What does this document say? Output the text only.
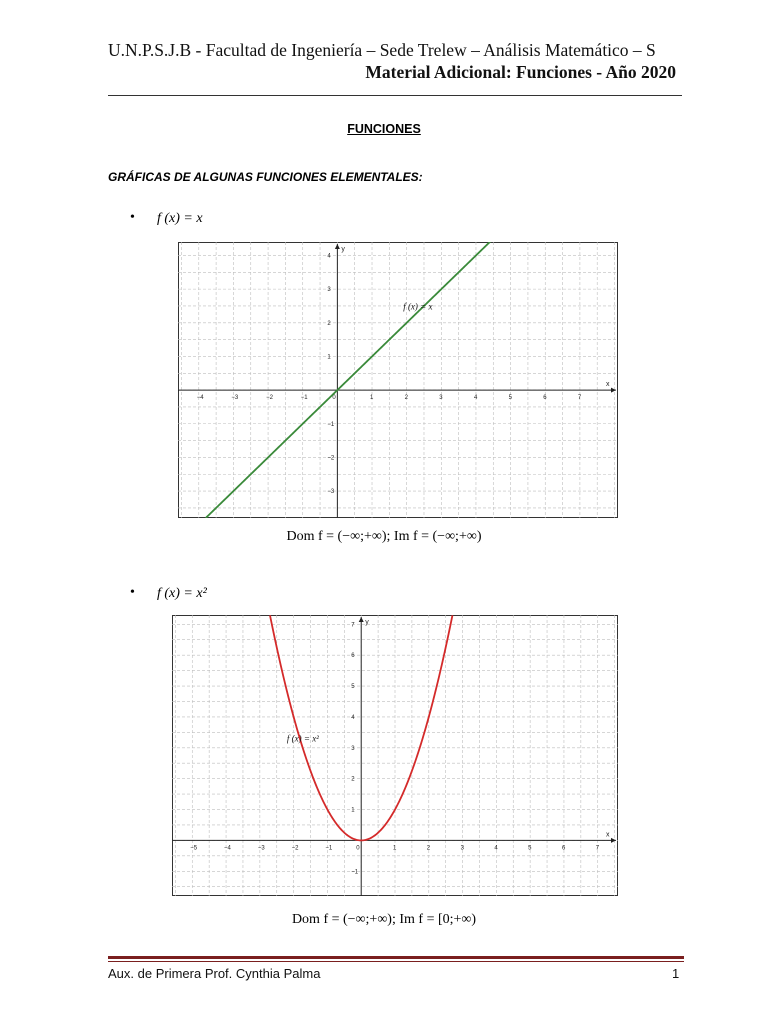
U.N.P.S.J.B - Facultad de Ingeniería – Sede Trelew – Análisis Matemático – S
Material Adicional: Funciones - Año 2020
FUNCIONES
GRÁFICAS DE ALGUNAS FUNCIONES ELEMENTALES:
• f (x) = x
x
y
−4	−3	−2	−1	0	1	2	3	4	5	6	7
−3
−2
−1
1
2
3
4
f (x) = x
Dom f = (−∞;+∞); Im f = (−∞;+∞)
• f (x) = x²
x
y
−5	−4	−3	−2	−1	0	1	2	3	4	5	6	7
−1
1
2
3
4
5
6
7
f (x) = x²
Dom f = (−∞;+∞); Im f = [0;+∞)
Aux. de Primera Prof. Cynthia Palma	1
